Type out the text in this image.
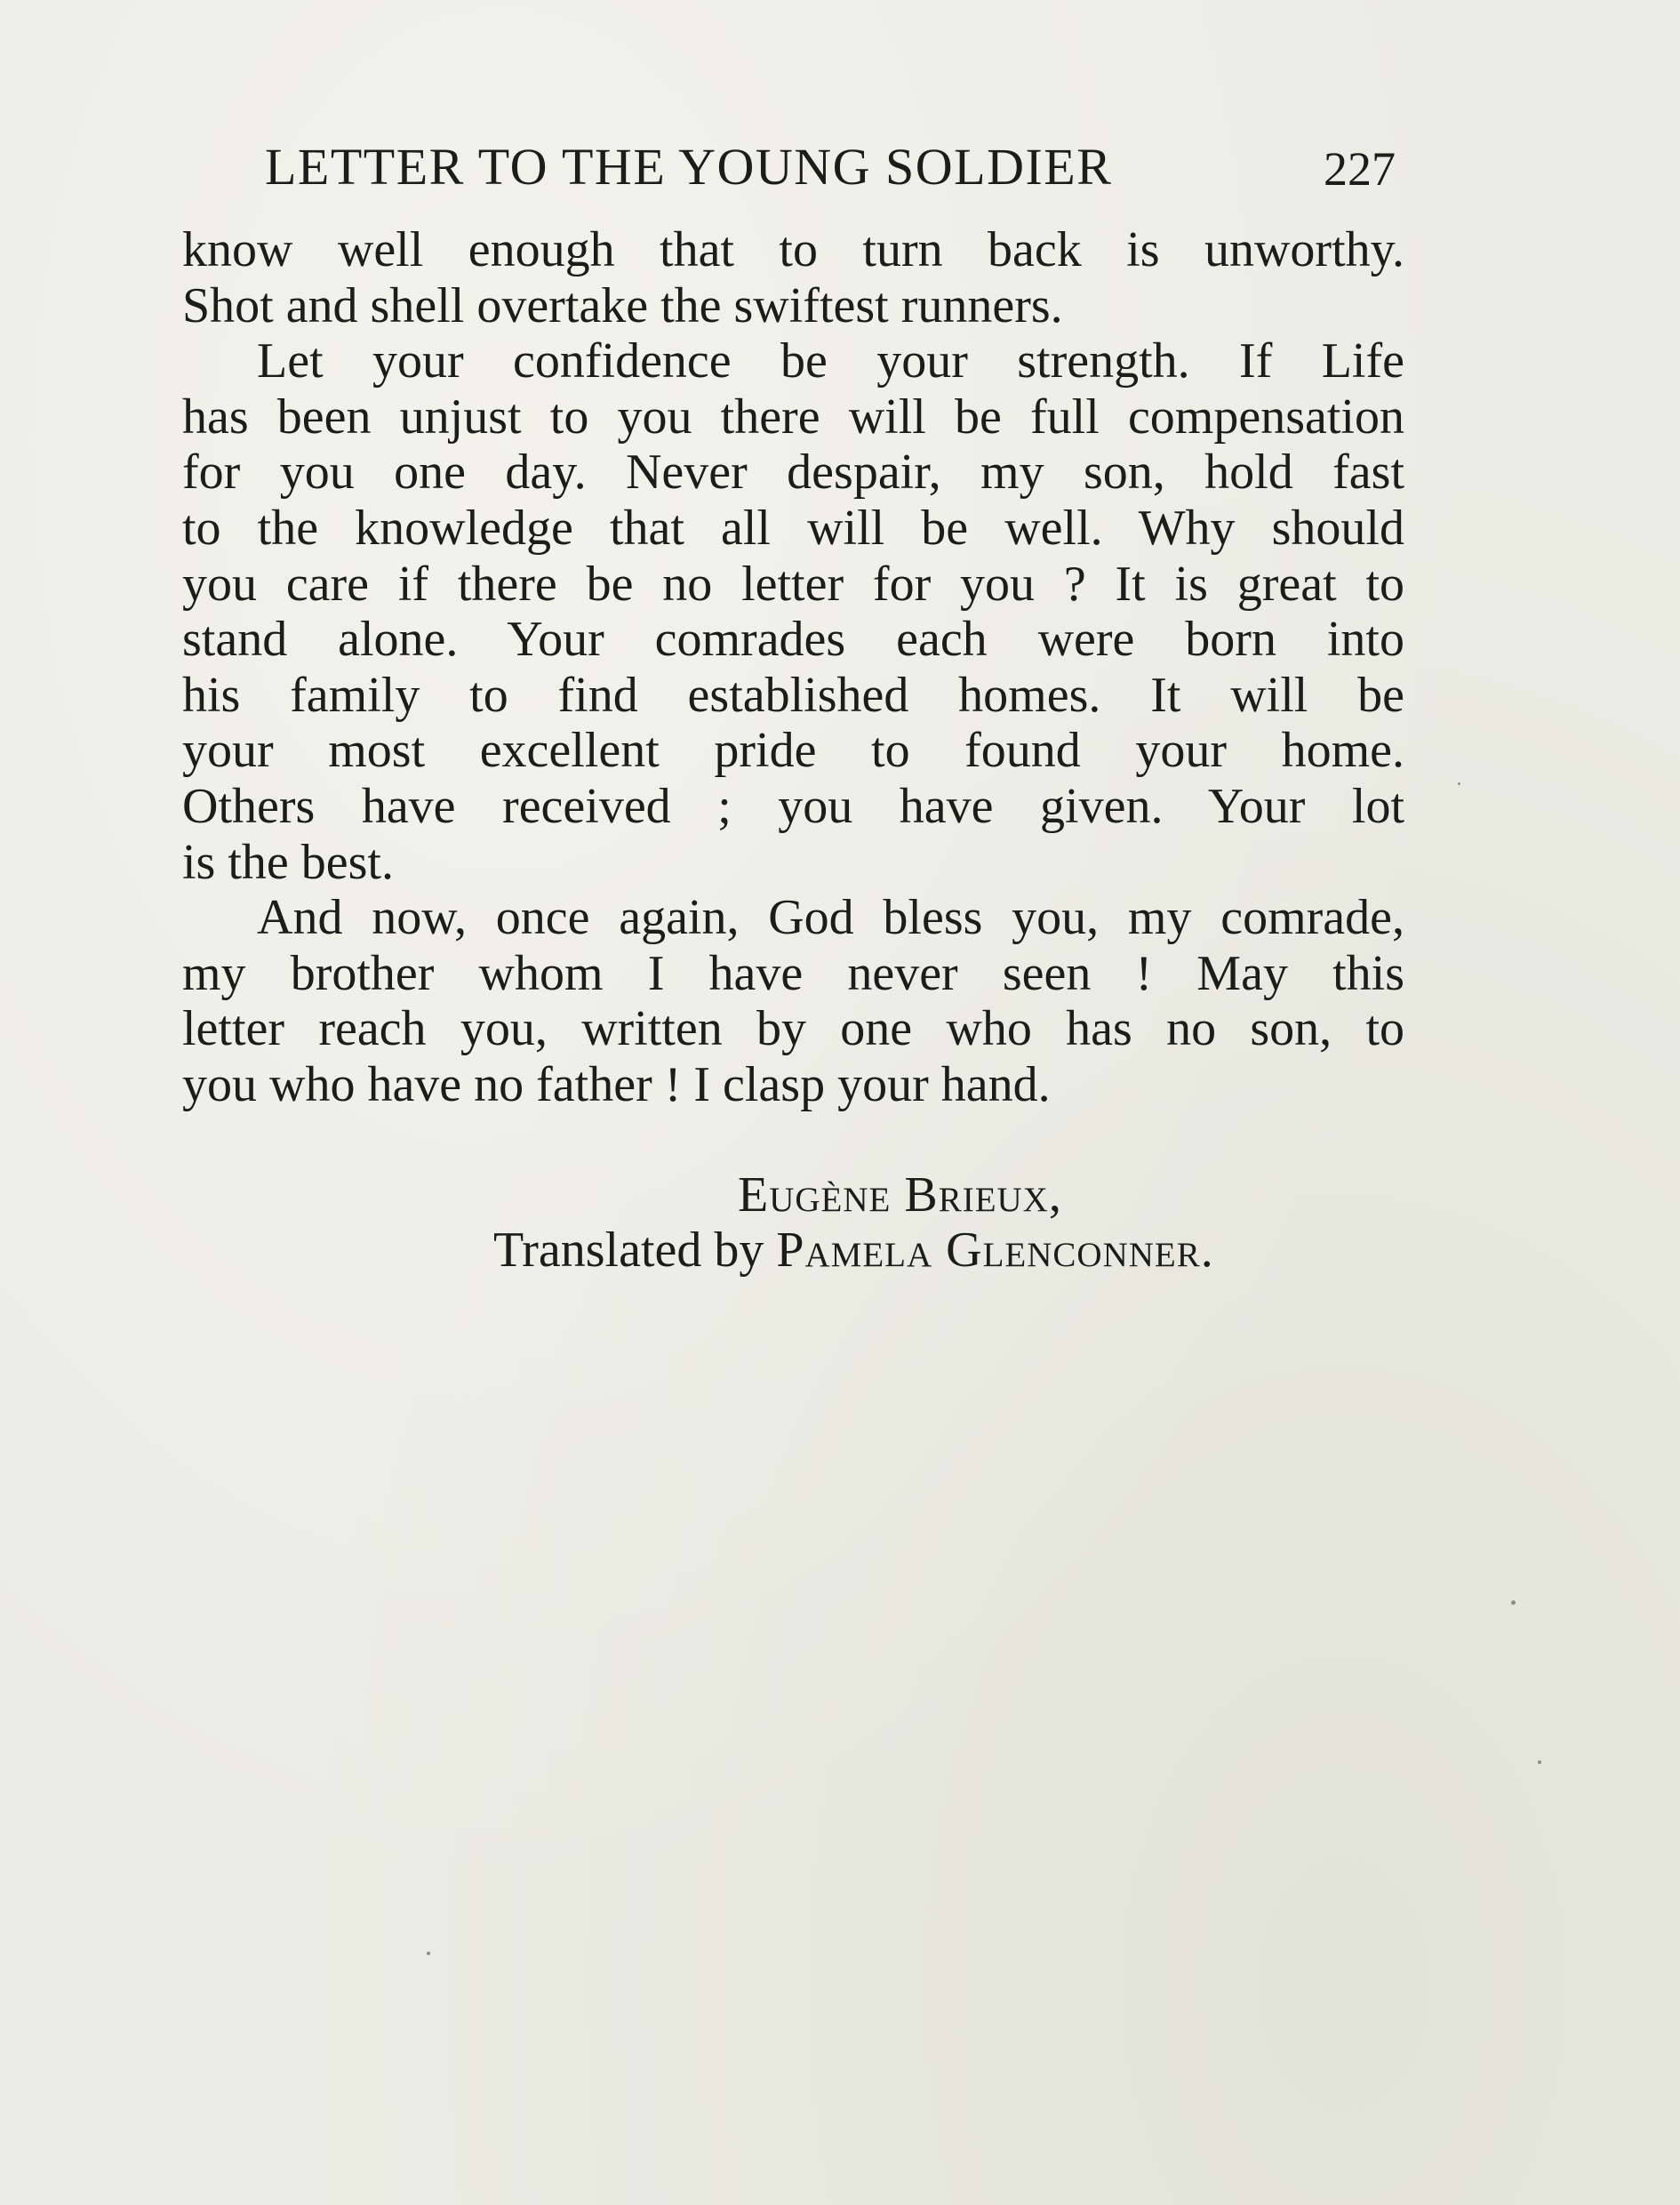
LETTER TO THE YOUNG SOLDIER	227
know well enough that to turn back is unworthy.
Shot and shell overtake the swiftest runners.
Let your confidence be your strength. If Life
has been unjust to you there will be full compensation
for you one day. Never despair, my son, hold fast
to the knowledge that all will be well. Why should
you care if there be no letter for you ? It is great to
stand alone. Your comrades each were born into
his family to find established homes. It will be
your most excellent pride to found your home.
Others have received ; you have given. Your lot
is the best.
And now, once again, God bless you, my comrade,
my brother whom I have never seen ! May this
letter reach you, written by one who has no son, to
you who have no father ! I clasp your hand.
Eugène Brieux,
Translated by Pamela Glenconner.
